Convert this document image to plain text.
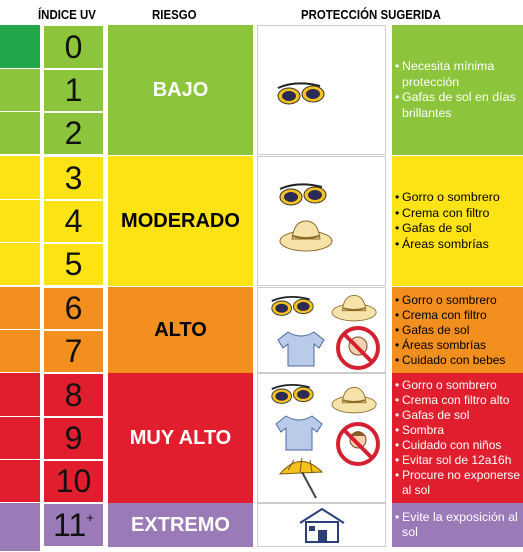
ÍNDICE UV	RIESGO	PROTECCIÓN SUGERIDA
0
1
2
3
4
5
6
7
8
9
10
11+
BAJO
MODERADO
ALTO
MUY ALTO
EXTREMO
• Necesita mínima protección
• Gafas de sol en días brillantes
• Gorro o sombrero
• Crema con filtro
• Gafas de sol
• Áreas sombrías
• Gorro o sombrero
• Crema con filtro
• Gafas de sol
• Áreas sombrías
• Cuidado con bebes
• Gorro o sombrero
• Crema con filtro alto
• Gafas de sol
• Sombra
• Cuidado con niños
• Evitar sol de 12a16h
• Procure no exponerse al sol
• Evite la exposición al sol
